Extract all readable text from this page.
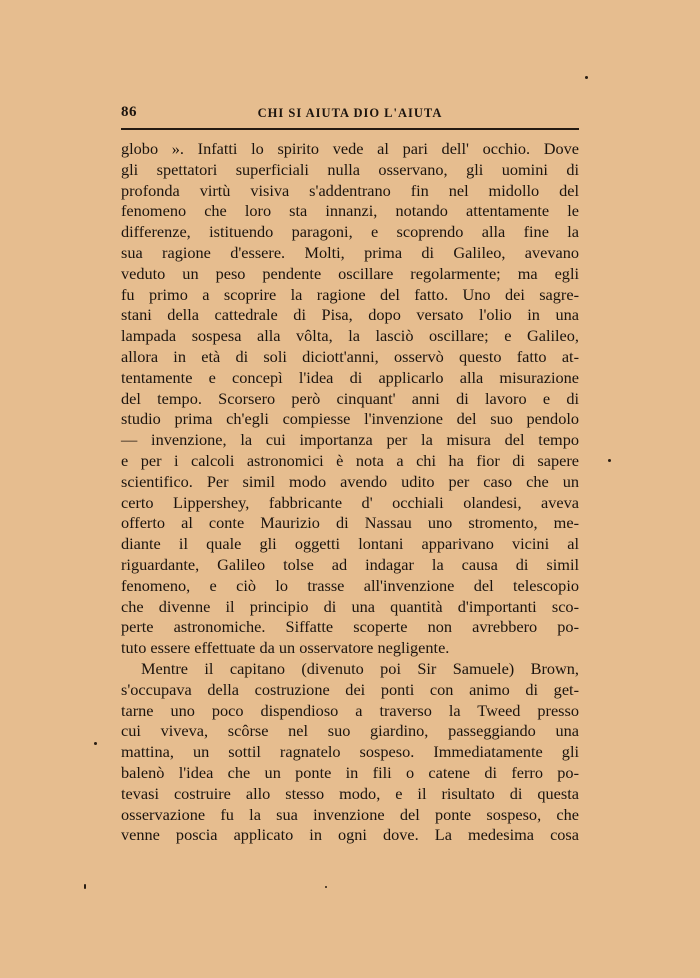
86	CHI SI AIUTA DIO L'AIUTA
globo ». Infatti lo spirito vede al pari dell' occhio. Dove
gli spettatori superficiali nulla osservano, gli uomini di
profonda virtù visiva s'addentrano fin nel midollo del
fenomeno che loro sta innanzi, notando attentamente le
differenze, istituendo paragoni, e scoprendo alla fine la
sua ragione d'essere. Molti, prima di Galileo, avevano
veduto un peso pendente oscillare regolarmente; ma egli
fu primo a scoprire la ragione del fatto. Uno dei sagre-
stani della cattedrale di Pisa, dopo versato l'olio in una
lampada sospesa alla vôlta, la lasciò oscillare; e Galileo,
allora in età di soli diciott'anni, osservò questo fatto at-
tentamente e concepì l'idea di applicarlo alla misurazione
del tempo. Scorsero però cinquant' anni di lavoro e di
studio prima ch'egli compiesse l'invenzione del suo pendolo
— invenzione, la cui importanza per la misura del tempo
e per i calcoli astronomici è nota a chi ha fior di sapere
scientifico. Per simil modo avendo udito per caso che un
certo Lippershey, fabbricante d' occhiali olandesi, aveva
offerto al conte Maurizio di Nassau uno stromento, me-
diante il quale gli oggetti lontani apparivano vicini al
riguardante, Galileo tolse ad indagar la causa di simil
fenomeno, e ciò lo trasse all'invenzione del telescopio
che divenne il principio di una quantità d'importanti sco-
perte astronomiche. Siffatte scoperte non avrebbero po-
tuto essere effettuate da un osservatore negligente.
Mentre il capitano (divenuto poi Sir Samuele) Brown,
s'occupava della costruzione dei ponti con animo di get-
tarne uno poco dispendioso a traverso la Tweed presso
cui viveva, scôrse nel suo giardino, passeggiando una
mattina, un sottil ragnatelo sospeso. Immediatamente gli
balenò l'idea che un ponte in fili o catene di ferro po-
tevasi costruire allo stesso modo, e il risultato di questa
osservazione fu la sua invenzione del ponte sospeso, che
venne poscia applicato in ogni dove. La medesima cosa
